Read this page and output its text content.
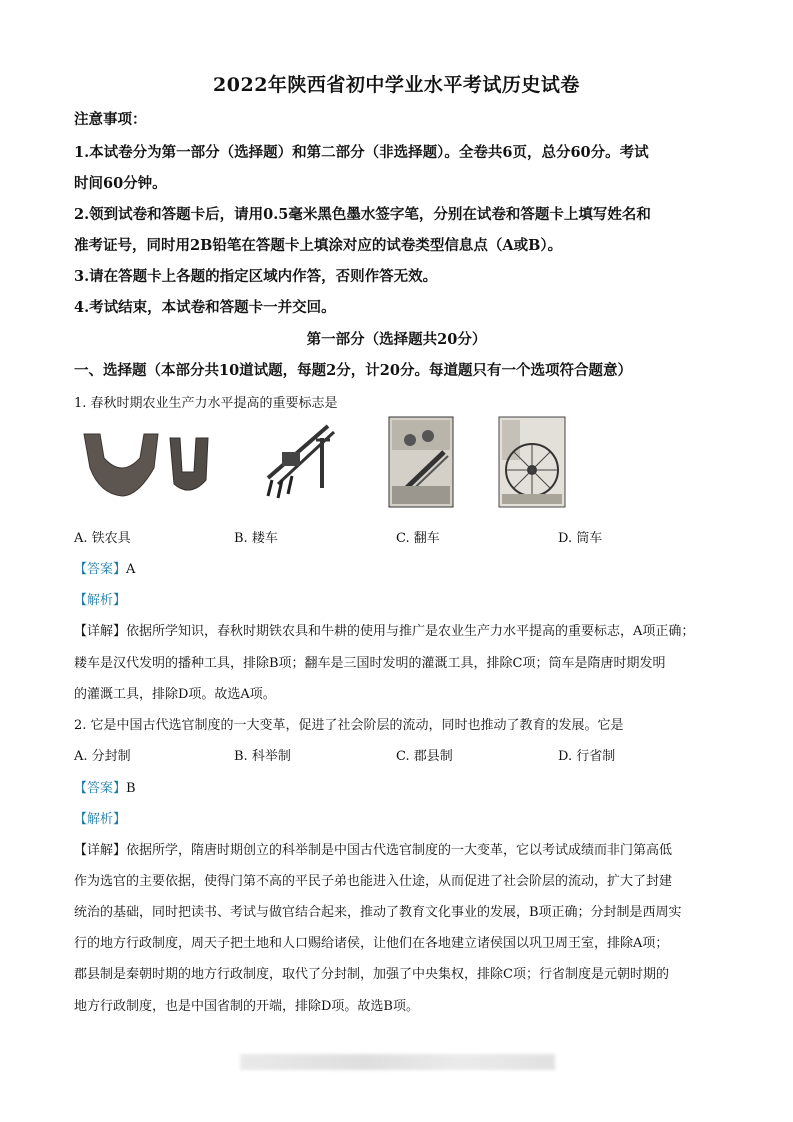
2022年陕西省初中学业水平考试历史试卷
注意事项：
1.本试卷分为第一部分（选择题）和第二部分（非选择题）。全卷共6页，总分60分。考试
时间60分钟。
2.领到试卷和答题卡后，请用0.5毫米黑色墨水签字笔，分别在试卷和答题卡上填写姓名和
准考证号，同时用2B铅笔在答题卡上填涂对应的试卷类型信息点（A或B）。
3.请在答题卡上各题的指定区域内作答，否则作答无效。
4.考试结束，本试卷和答题卡一并交回。
第一部分（选择题共20分）
一、选择题（本部分共10道试题，每题2分，计20分。每道题只有一个选项符合题意）
1. 春秋时期农业生产力水平提高的重要标志是
A. 铁农具	B. 耧车	C. 翻车	D. 筒车
【答案】A
【解析】
【详解】依据所学知识，春秋时期铁农具和牛耕的使用与推广是农业生产力水平提高的重要标志，A项正确；
耧车是汉代发明的播种工具，排除B项；翻车是三国时发明的灌溉工具，排除C项；筒车是隋唐时期发明
的灌溉工具，排除D项。故选A项。
2. 它是中国古代选官制度的一大变革，促进了社会阶层的流动，同时也推动了教育的发展。它是
A. 分封制	B. 科举制	C. 郡县制	D. 行省制
【答案】B
【解析】
【详解】依据所学，隋唐时期创立的科举制是中国古代选官制度的一大变革，它以考试成绩而非门第高低
作为选官的主要依据，使得门第不高的平民子弟也能进入仕途，从而促进了社会阶层的流动，扩大了封建
统治的基础，同时把读书、考试与做官结合起来，推动了教育文化事业的发展，B项正确；分封制是西周实
行的地方行政制度，周天子把土地和人口赐给诸侯，让他们在各地建立诸侯国以巩卫周王室，排除A项；
郡县制是秦朝时期的地方行政制度，取代了分封制，加强了中央集权，排除C项；行省制度是元朝时期的
地方行政制度，也是中国省制的开端，排除D项。故选B项。
